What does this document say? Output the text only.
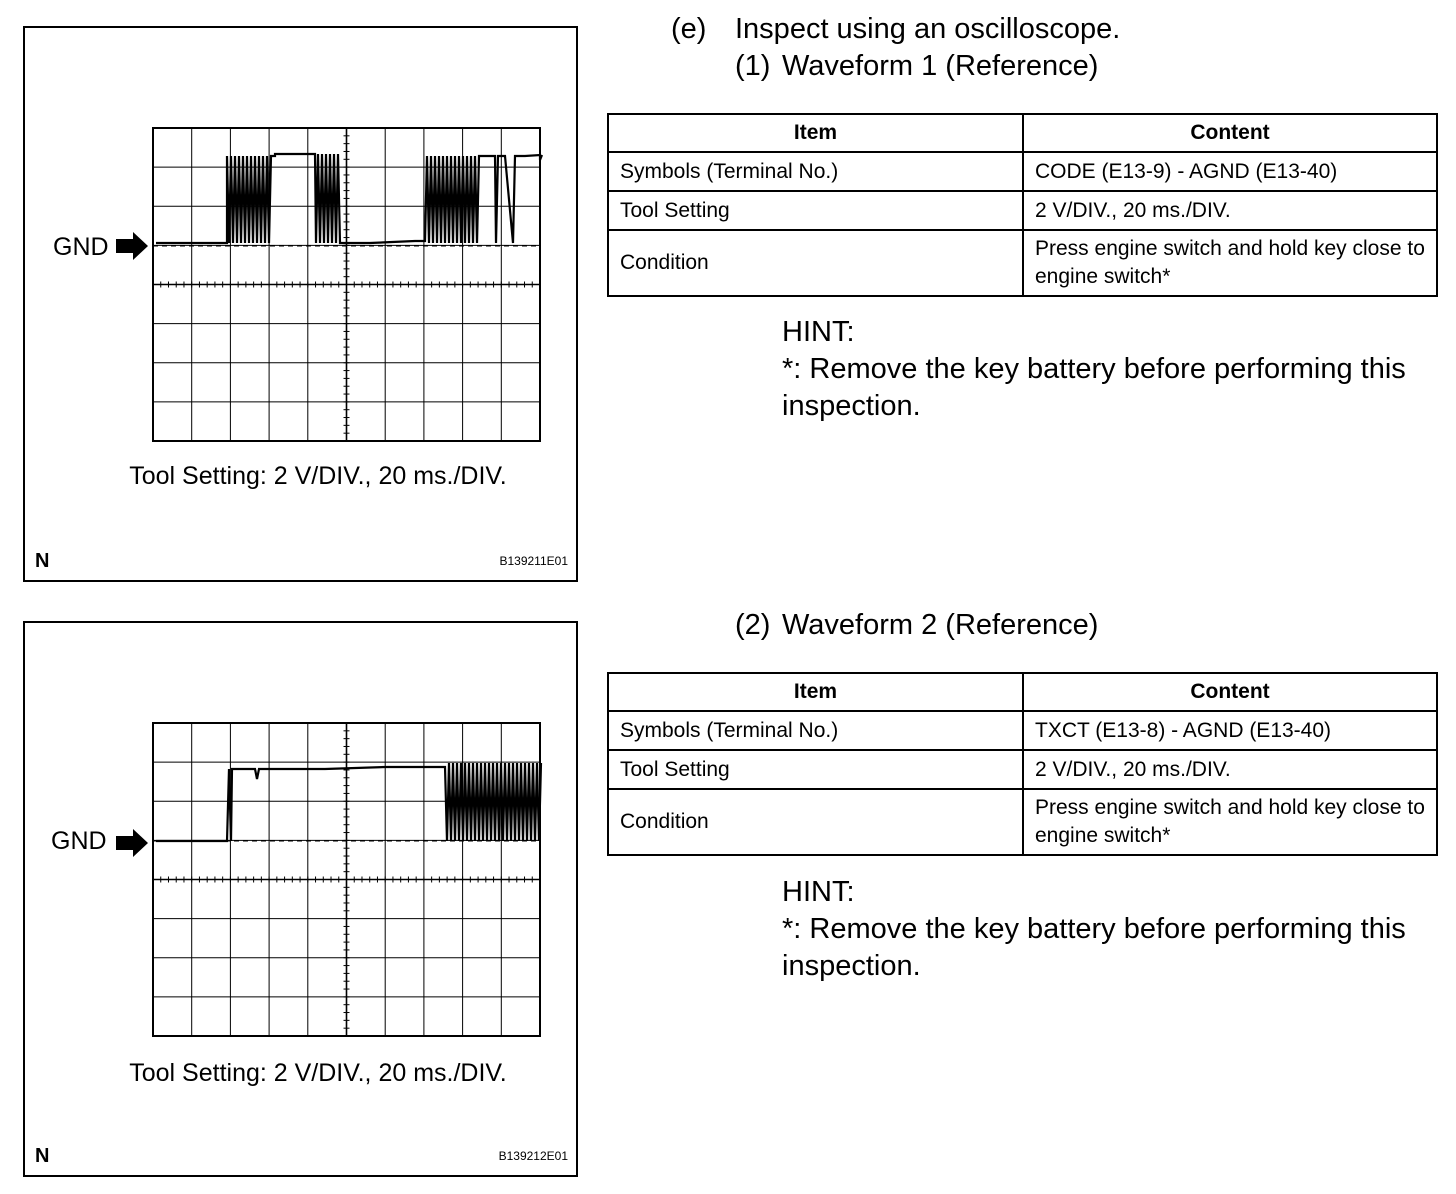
GND
Tool Setting: 2 V/DIV., 20 ms./DIV.
N	B139211E01
GND
Tool Setting: 2 V/DIV., 20 ms./DIV.
N	B139212E01
(e) Inspect using an oscilloscope.
(1) Waveform 1 (Reference)
Item	Content
Symbols (Terminal No.)	CODE (E13-9) - AGND (E13-40)
Tool Setting	2 V/DIV., 20 ms./DIV.
Condition	Press engine switch and hold key close to engine switch*
HINT:
*: Remove the key battery before performing this inspection.
(2) Waveform 2 (Reference)
Item	Content
Symbols (Terminal No.)	TXCT (E13-8) - AGND (E13-40)
Tool Setting	2 V/DIV., 20 ms./DIV.
Condition	Press engine switch and hold key close to engine switch*
HINT:
*: Remove the key battery before performing this inspection.
